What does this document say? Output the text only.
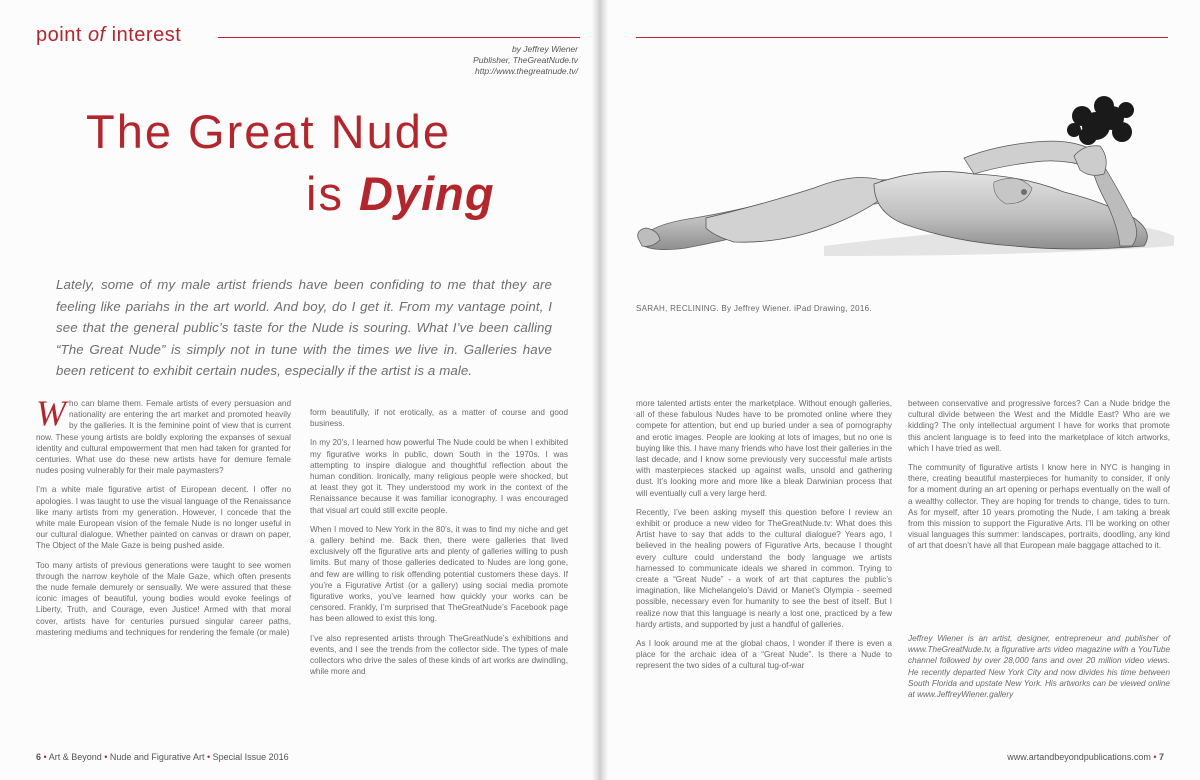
point of interest
by Jeffrey Wiener
Publisher, TheGreatNude.tv
http://www.thegreatnude.tv/
The Great Nude
is Dying
Lately, some of my male artist friends have been confiding to me that they are feeling like pariahs in the art world. And boy, do I get it. From my vantage point, I see that the general public’s taste for the Nude is souring. What I’ve been calling “The Great Nude” is simply not in tune with the times we live in. Galleries have been reticent to exhibit certain nudes, especially if the artist is a male.

Who can blame them. Female artists of every persuasion and nationality are entering the art market and promoted heavily by the galleries. It is the feminine point of view that is current now. These young artists are boldly exploring the expanses of sexual identity and cultural empowerment that men had taken for granted for centuries. What use do these new artists have for demure female nudes posing vulnerably for their male paymasters?

I’m a white male figurative artist of European decent. I offer no apologies. I was taught to use the visual language of the Renaissance like many artists from my generation. However, I concede that the white male European vision of the female Nude is no longer useful in our cultural dialogue. Whether painted on canvas or drawn on paper, The Object of the Male Gaze is being pushed aside.

Too many artists of previous generations were taught to see women through the narrow keyhole of the Male Gaze, which often presents the nude female demurely or sensually. We were assured that these iconic images of beautiful, young bodies would evoke feelings of Liberty, Truth, and Courage, even Justice! Armed with that moral cover, artists have for centuries pursued singular career paths, mastering mediums and techniques for rendering the female (or male)

form beautifully, if not erotically, as a matter of course and good business.

In my 20’s, I learned how powerful The Nude could be when I exhibited my figurative works in public, down South in the 1970s. I was attempting to inspire dialogue and thoughtful reflection about the human condition. Ironically, many religious people were shocked, but at least they got it. They understood my work in the context of the Renaissance because it was familiar iconography. I was encouraged that visual art could still excite people.

When I moved to New York in the 80’s, it was to find my niche and get a gallery behind me. Back then, there were galleries that lived exclusively off the figurative arts and plenty of galleries willing to push limits. But many of those galleries dedicated to Nudes are long gone, and few are willing to risk offending potential customers these days. If you’re a Figurative Artist (or a gallery) using social media promote figurative works, you’ve learned how quickly your works can be censored. Frankly, I’m surprised that TheGreatNude’s Facebook page has been allowed to exist this long.

I’ve also represented artists through TheGreatNude’s exhibitions and events, and I see the trends from the collector side. The types of male collectors who drive the sales of these kinds of art works are dwindling, while more and

6 • Art & Beyond • Nude and Figurative Art • Special Issue 2016
SARAH, RECLINING. By Jeffrey Wiener. iPad Drawing, 2016.

more talented artists enter the marketplace. Without enough galleries, all of these fabulous Nudes have to be promoted online where they compete for attention, but end up buried under a sea of pornography and erotic images. People are looking at lots of images, but no one is buying like this. I have many friends who have lost their galleries in the last decade, and I know some previously very successful male artists with masterpieces stacked up against walls, unsold and gathering dust. It’s looking more and more like a bleak Darwinian process that will eventually cull a very large herd.

Recently, I’ve been asking myself this question before I review an exhibit or produce a new video for TheGreatNude.tv: What does this Artist have to say that adds to the cultural dialogue? Years ago, I believed in the healing powers of Figurative Arts, because I thought every culture could understand the body language we artists harnessed to communicate ideals we shared in common. Trying to create a “Great Nude” - a work of art that captures the public’s imagination, like Michelangelo’s David or Manet’s Olympia - seemed possible, necessary even for humanity to see the best of itself. But I realize now that this language is nearly a lost one, practiced by a few hardy artists, and supported by just a handful of galleries.

As I look around me at the global chaos, I wonder if there is even a place for the archaic idea of a “Great Nude”. Is there a Nude to represent the two sides of a cultural tug-of-war

between conservative and progressive forces? Can a Nude bridge the cultural divide between the West and the Middle East? Who are we kidding? The only intellectual argument I have for works that promote this ancient language is to feed into the marketplace of kitch artworks, which I have tried as well.

The community of figurative artists I know here in NYC is hanging in there, creating beautiful masterpieces for humanity to consider, if only for a moment during an art opening or perhaps eventually on the wall of a wealthy collector. They are hoping for trends to change, tides to turn. As for myself, after 10 years promoting the Nude, I am taking a break from this mission to support the Figurative Arts. I’ll be working on other visual languages this summer: landscapes, portraits, doodling, any kind of art that doesn’t have all that European male baggage attached to it.

Jeffrey Wiener is an artist, designer, entrepreneur and publisher of www.TheGreatNude.tv, a figurative arts video magazine with a YouTube channel followed by over 28,000 fans and over 20 million video views. He recently departed New York City and now divides his time between South Florida and upstate New York. His artworks can be viewed online at www.JeffreyWiener.gallery
www.artandbeyondpublications.com • 7
